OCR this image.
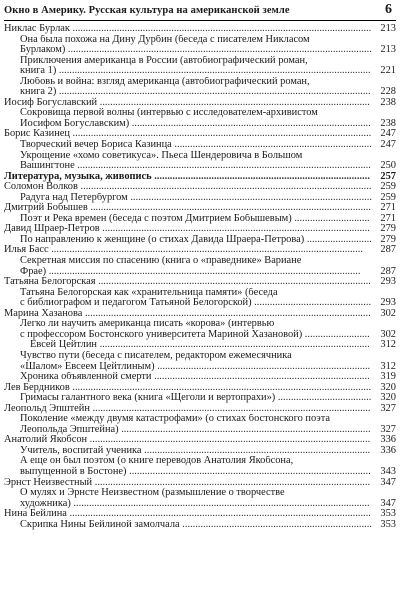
Окно в Америку. Русская культура на американской земле	6
Никлас Бурлак ................................................................................................................... 213
Она была похожа на Дину Дурбин (беседа с писателем Никласом
Бурлаком) ..................................................................................................................... 213
Приключения американца в России (автобиографический роман,
книга 1) ........................................................................................................................ 221
Любовь и война: взгляд американца (автобиографический роман,
книга 2) ........................................................................................................................ 228
Иосиф Богуславский ........................................................................................................	238
Сокровища первой волны (интервью с исследователем-архивистом
Иосифом Богуславским) ............................................................................................ 238
Борис Казинец ................................................................................................................... 247
Творческий вечер Бориса Казинца ............................................................................ 247
Укрощение «хомо советикуса». Пьеса Шендеровича в Большом
Вашингтоне ................................................................................................................. 250
Литература, музыка, живопись ...................................................................................	257
Соломон Волков ................................................................................................................ 259
Радуга над Петербургом ............................................................................................. 259
Дмитрий Бобышев ............................................................................................................ 271
Поэт и Река времен (беседа с поэтом Дмитрием Бобышевым) .............................	271
Давид Шраер-Петров .......................................................................................................	279
По направлению к женщине (о стихах Давида Шраера-Петрова) ......................... 279
Илья Басс ........................................................................................................................	287
Секретная миссия по спасению (книга о «праведнике» Вариане
Фрае) ........................................................................................................................	287
Татьяна Белогорская ......................................................................................................... 293
Татьяна Белогорская как «хранительница памяти» (беседа
с библиографом и педагогом Татьяной Белогорской) ............................................. 293
Марина Хазанова .............................................................................................................. 302
Легко ли научить американца писать «корова» (интервью
с профессором Бостонского университета Мариной Хазановой) .........................	302
Евсей Цейтлин ........................................................................................................	312
Чувство пути (беседа с писателем, редактором ежемесячника
«Шалом» Евсеем Цейтлиным) .................................................................................. 312
Хроника объявленной смерти ...................................................................................	319
Лев Бердников ................................................................................................................... 320
Гримасы галантного века (книга «Щеголи и вертопрахи») .................................... 320
Леопольд Эпштейн ........................................................................................................... 327
Поколение «между двумя катастрофами» (о стихах бостонского поэта
Леопольда Эпштейна) ................................................................................................ 327
Анатолий Якобсон ............................................................................................................ 336
Учитель, воспитай ученика ....................................................................................... 336
А еще он был поэтом (о книге переводов Анатолия Якобсона,
выпущенной в Бостоне) ............................................................................................. 343
Эрнст Неизвестный .......................................................................................................... 347
О мулях и Эрнсте Неизвестном (размышление о творчестве
художника) ..................................................................................................................	347
Нина Бейлина .................................................................................................................... 353
Скрипка Нины Бейлиной замолчала ......................................................................... 353
